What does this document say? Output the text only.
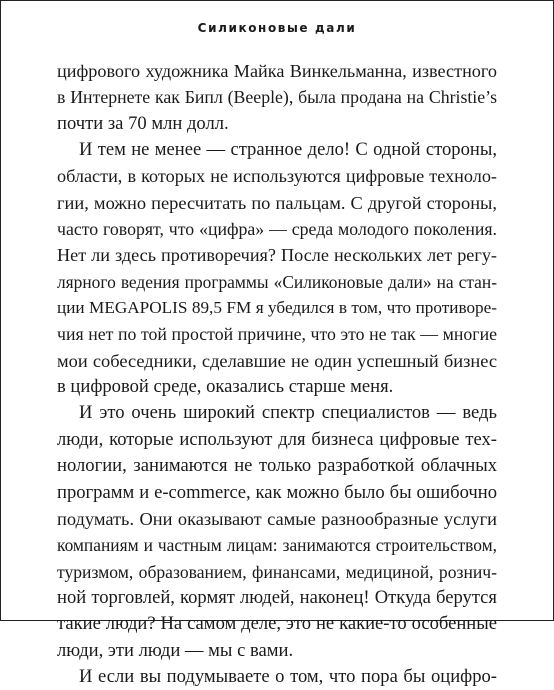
Силиконовые дали
цифрового художника Майка Винкельманна, известного
в Интернете как Бипл (Beeple), была продана на Christie’s
почти за 70 млн долл.
И тем не менее — странное дело! С одной стороны,
области, в которых не используются цифровые техноло-
гии, можно пересчитать по пальцам. С другой стороны,
часто говорят, что «цифра» — среда молодого поколения.
Нет ли здесь противоречия? После нескольких лет регу-
лярного ведения программы «Силиконовые дали» на стан-
ции MEGAPOLIS 89,5 FM я убедился в том, что противоре-
чия нет по той простой причине, что это не так — многие
мои собеседники, сделавшие не один успешный бизнес
в цифровой среде, оказались старше меня.
И это очень широкий спектр специалистов — ведь
люди, которые используют для бизнеса цифровые тех-
нологии, занимаются не только разработкой облачных
программ и e-commerce, как можно было бы ошибочно
подумать. Они оказывают самые разнообразные услуги
компаниям и частным лицам: занимаются строительством,
туризмом, образованием, финансами, медициной, рознич-
ной торговлей, кормят людей, наконец! Откуда берутся
такие люди? На самом деле, это не какие-то особенные
люди, эти люди — мы с вами.
И если вы подумываете о том, что пора бы оцифро-
